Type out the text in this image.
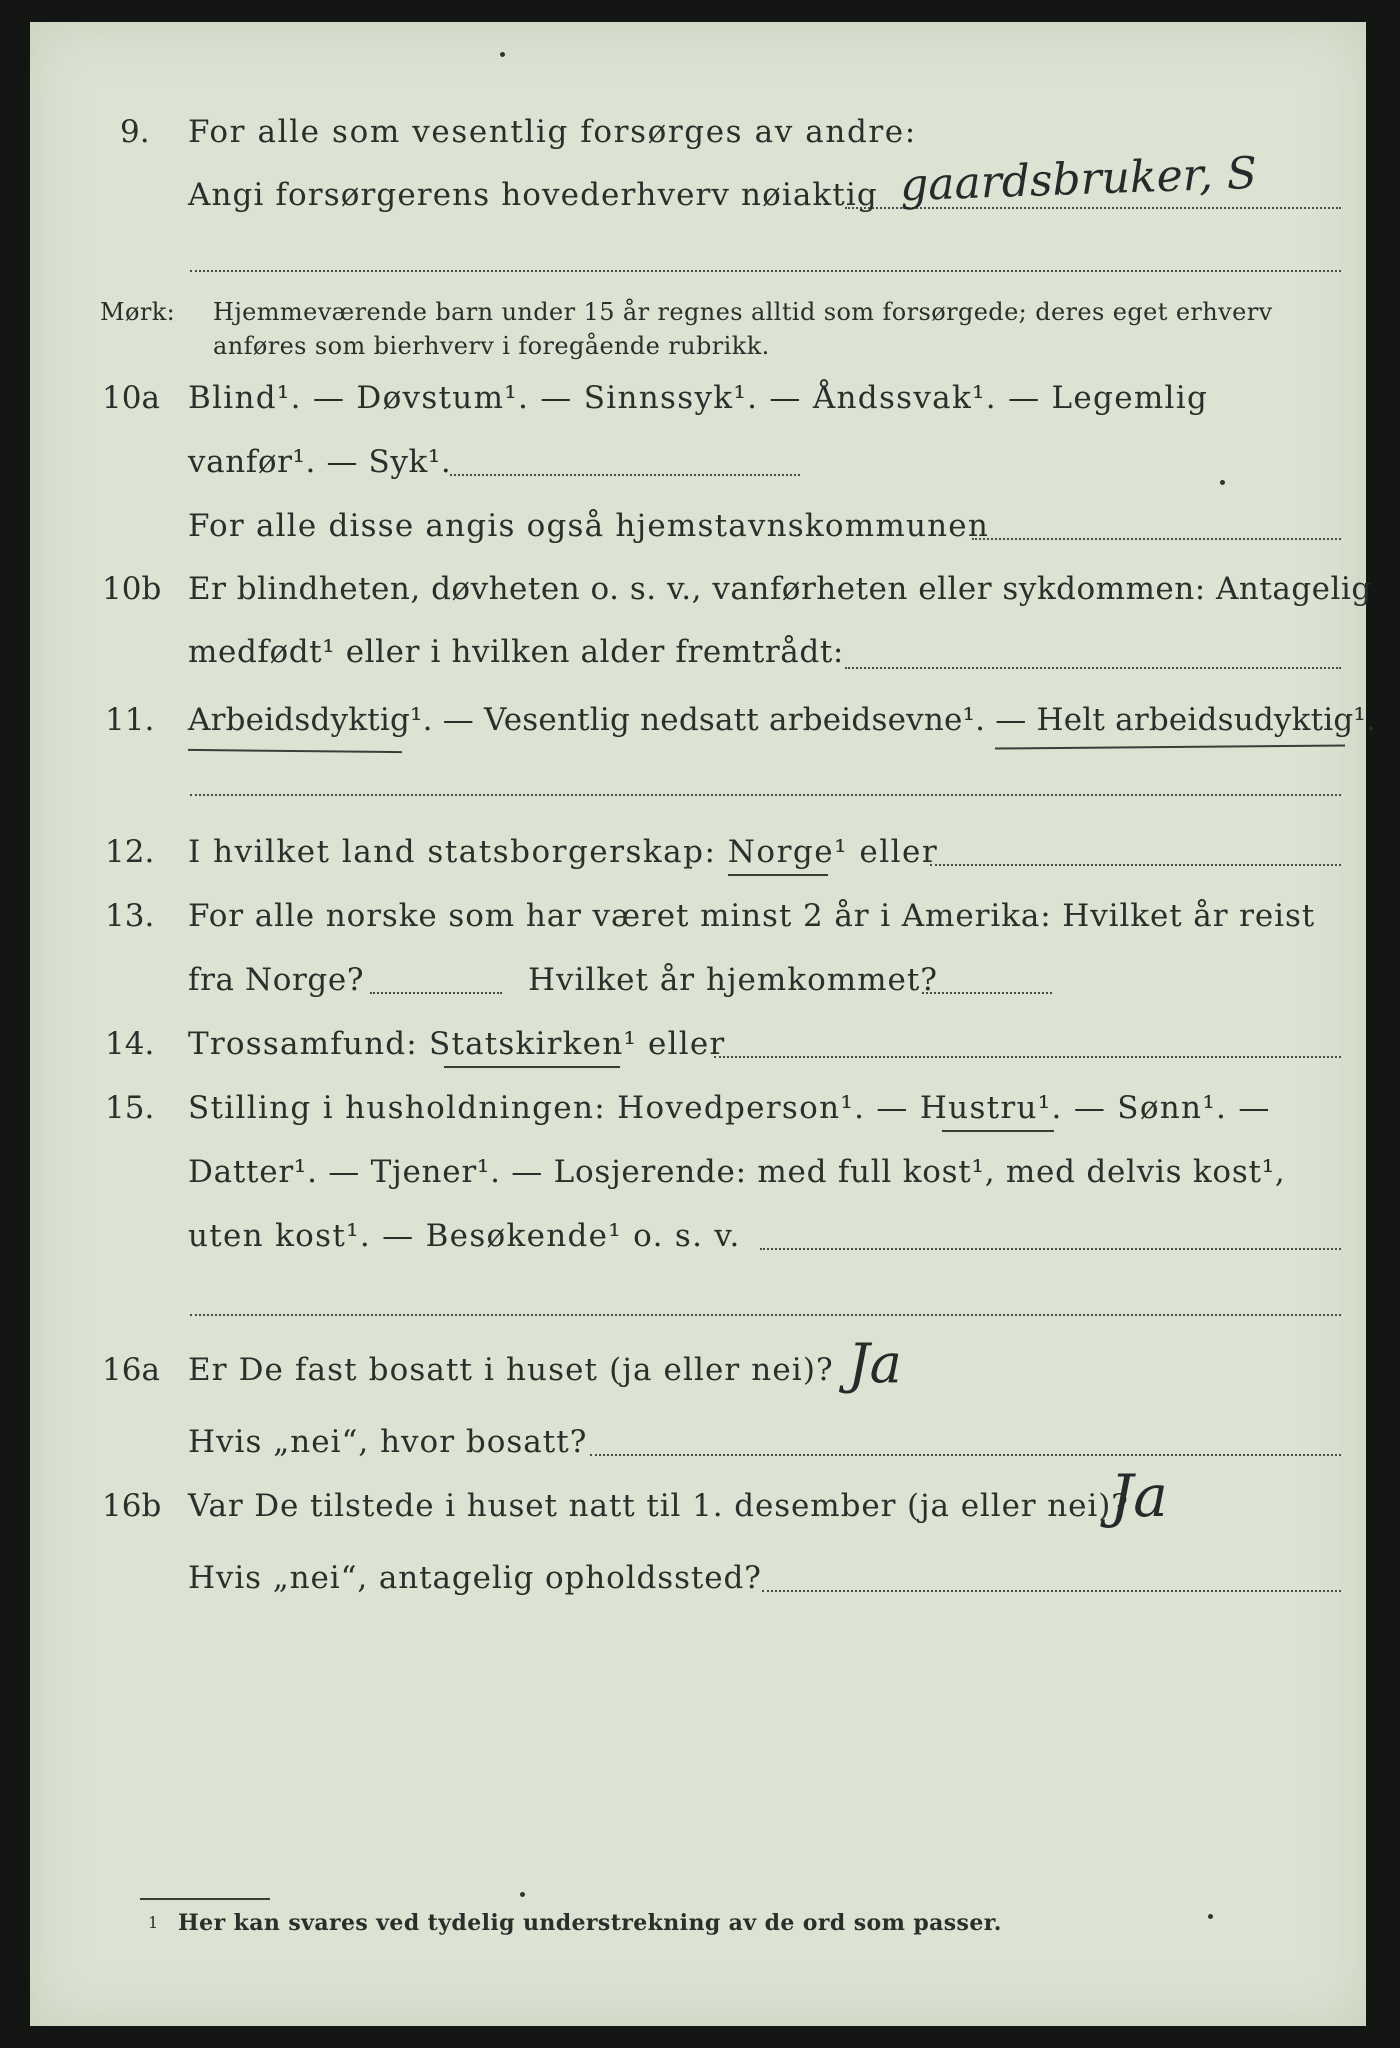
9. For alle som vesentlig forsørges av andre:
Angi forsørgerens hovederhverv nøiaktig gaardsbruker, S
Mørk: Hjemmeværende barn under 15 år regnes alltid som forsørgede; deres eget erhverv
anføres som bierhverv i foregående rubrikk.
10a Blind¹. — Døvstum¹. — Sinnssyk¹. — Åndssvak¹. — Legemlig
vanfør¹. — Syk¹.
For alle disse angis også hjemstavnskommunen
10b Er blindheten, døvheten o. s. v., vanførheten eller sykdommen: Antagelig
medfødt¹ eller i hvilken alder fremtrådt:
11. Arbeidsdyktig¹. — Vesentlig nedsatt arbeidsevne¹. — Helt arbeidsudyktig¹.
12. I hvilket land statsborgerskap: Norge¹ eller
13. For alle norske som har været minst 2 år i Amerika: Hvilket år reist
fra Norge?	Hvilket år hjemkommet?
14. Trossamfund: Statskirken¹ eller
15. Stilling i husholdningen: Hovedperson¹. — Hustru¹. — Sønn¹. —
Datter¹. — Tjener¹. — Losjerende: med full kost¹, med delvis kost¹,
uten kost¹. — Besøkende¹ o. s. v.
16a Er De fast bosatt i huset (ja eller nei)? Ja
Hvis „nei“, hvor bosatt?
16b Var De tilstede i huset natt til 1. desember (ja eller nei)?
Ja
Hvis „nei“, antagelig opholdssted?
1 Her kan svares ved tydelig understrekning av de ord som passer.
